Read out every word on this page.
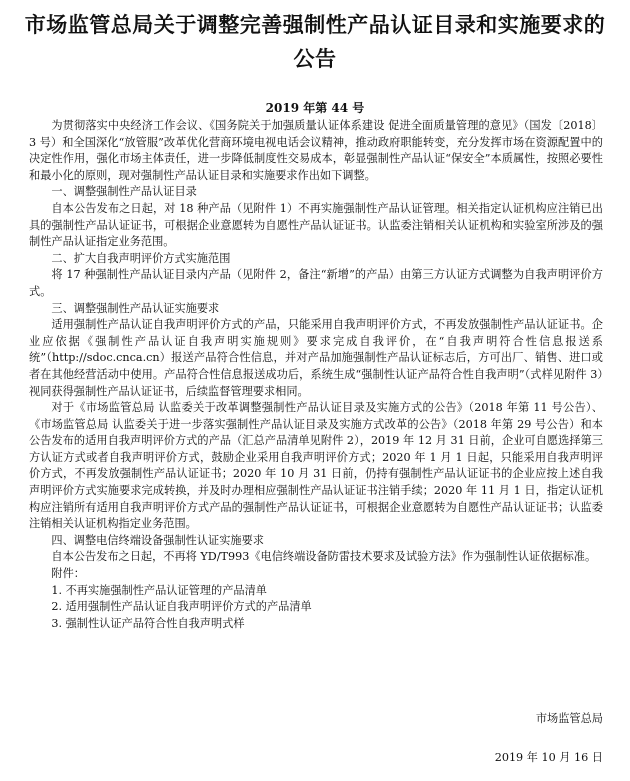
市场监管总局关于调整完善强制性产品认证目录和实施要求的公告
2019 年第 44 号

为贯彻落实中央经济工作会议、《国务院关于加强质量认证体系建设 促进全面质量管理的意见》（国发〔2018〕3 号）和全国深化“放管服”改革优化营商环境电视电话会议精神，推动政府职能转变，充分发挥市场在资源配置中的决定性作用，强化市场主体责任，进一步降低制度性交易成本，彰显强制性产品认证“保安全”本质属性，按照必要性和最小化的原则，现对强制性产品认证目录和实施要求作出如下调整。

一、调整强制性产品认证目录

自本公告发布之日起，对 18 种产品（见附件 1）不再实施强制性产品认证管理。相关指定认证机构应注销已出具的强制性产品认证证书，可根据企业意愿转为自愿性产品认证证书。认监委注销相关认证机构和实验室所涉及的强制性产品认证指定业务范围。

二、扩大自我声明评价方式实施范围

将 17 种强制性产品认证目录内产品（见附件 2，备注“新增”的产品）由第三方认证方式调整为自我声明评价方式。

三、调整强制性产品认证实施要求

适用强制性产品认证自我声明评价方式的产品，只能采用自我声明评价方式，不再发放强制性产品认证证书。企业应依据《强制性产品认证自我声明实施规则》要求完成自我评价，在“自我声明符合性信息报送系统”（http://sdoc.cnca.cn）报送产品符合性信息，并对产品加施强制性产品认证标志后，方可出厂、销售、进口或者在其他经营活动中使用。产品符合性信息报送成功后，系统生成“强制性认证产品符合性自我声明”（式样见附件 3）视同获得强制性产品认证证书，后续监督管理要求相同。

对于《市场监管总局 认监委关于改革调整强制性产品认证目录及实施方式的公告》（2018 年第 11 号公告）、《市场监管总局 认监委关于进一步落实强制性产品认证目录及实施方式改革的公告》（2018 年第 29 号公告）和本公告发布的适用自我声明评价方式的产品（汇总产品清单见附件 2），2019 年 12 月 31 日前，企业可自愿选择第三方认证方式或者自我声明评价方式，鼓励企业采用自我声明评价方式；2020 年 1 月 1 日起，只能采用自我声明评价方式，不再发放强制性产品认证证书；2020 年 10 月 31 日前，仍持有强制性产品认证证书的企业应按上述自我声明评价方式实施要求完成转换，并及时办理相应强制性产品认证证书注销手续；2020 年 11 月 1 日，指定认证机构应注销所有适用自我声明评价方式产品的强制性产品认证证书，可根据企业意愿转为自愿性产品认证证书；认监委注销相关认证机构指定业务范围。

四、调整电信终端设备强制性认证实施要求

自本公告发布之日起，不再将 YD/T993《电信终端设备防雷技术要求及试验方法》作为强制性认证依据标准。

附件：

1. 不再实施强制性产品认证管理的产品清单

2. 适用强制性产品认证自我声明评价方式的产品清单

3. 强制性认证产品符合性自我声明式样

市场监管总局
2019 年 10 月 16 日
